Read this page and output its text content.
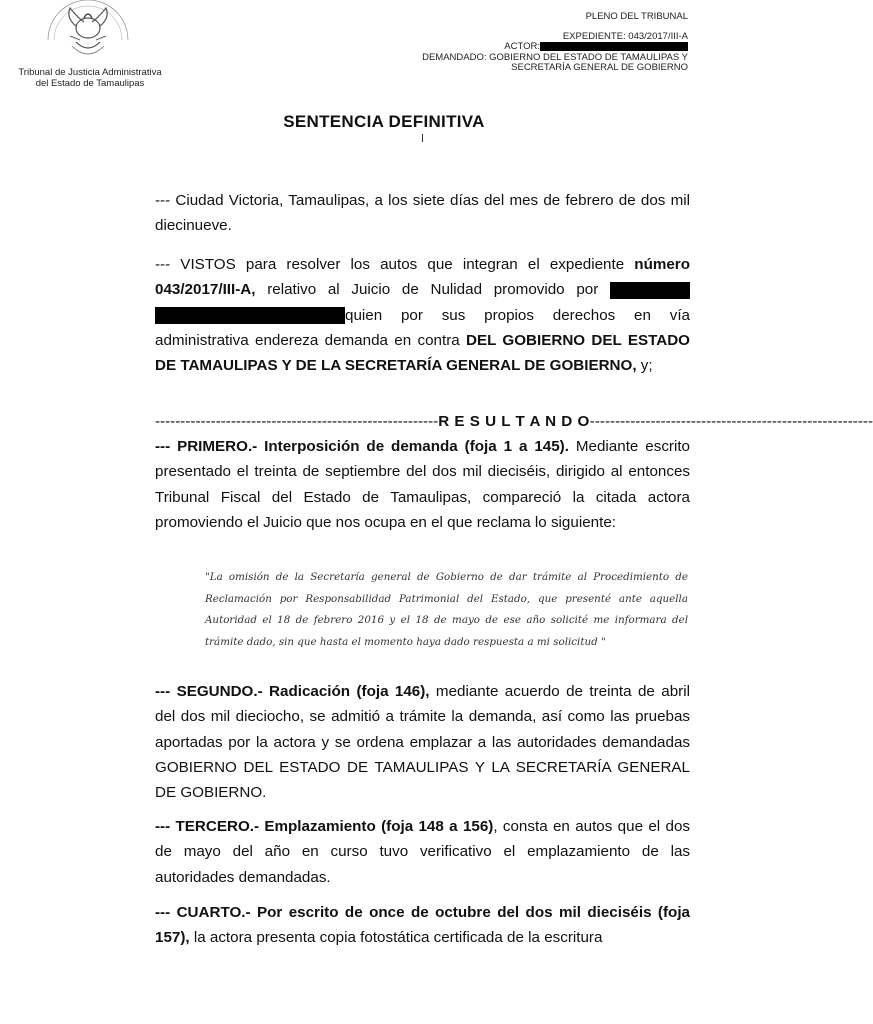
Tribunal de Justicia Administrativa
del Estado de Tamaulipas
PLENO DEL TRIBUNAL
EXPEDIENTE: 043/2017/III-A
ACTOR:
DEMANDADO: GOBIERNO DEL ESTADO DE TAMAULIPAS Y
SECRETARÍA GENERAL DE GOBIERNO
SENTENCIA DEFINITIVA

--- Ciudad Victoria, Tamaulipas, a los siete días del mes de febrero de dos mil diecinueve.

--- VISTOS para resolver los autos que integran el expediente número 043/2017/III-A, relativo al Juicio de Nulidad promovido por  quien por sus propios derechos en vía administrativa endereza demanda en contra DEL GOBIERNO DEL ESTADO DE TAMAULIPAS Y DE LA SECRETARÍA GENERAL DE GOBIERNO, y;

-------------------------------------------------------- R E S U L T A N D O --------------------------------------------------------

--- PRIMERO.- Interposición de demanda (foja 1 a 145). Mediante escrito presentado el treinta de septiembre del dos mil dieciséis, dirigido al entonces Tribunal Fiscal del Estado de Tamaulipas, compareció la citada actora promoviendo el Juicio que nos ocupa en el que reclama lo siguiente:

"La omisión de la Secretaría general de Gobierno de dar trámite al Procedimiento de Reclamación por Responsabilidad Patrimonial del Estado, que presenté ante aquella Autoridad el 18 de febrero 2016 y el 18 de mayo de ese año solicité me informara del trámite dado, sin que hasta el momento haya dado respuesta a mi solicitud "

--- SEGUNDO.- Radicación (foja 146), mediante acuerdo de treinta de abril del dos mil dieciocho, se admitió a trámite la demanda, así como las pruebas aportadas por la actora y se ordena emplazar a las autoridades demandadas GOBIERNO DEL ESTADO DE TAMAULIPAS Y LA SECRETARÍA GENERAL DE GOBIERNO.

--- TERCERO.- Emplazamiento (foja 148 a 156), consta en autos que el dos de mayo del año en curso tuvo verificativo el emplazamiento de las autoridades demandadas.

--- CUARTO.- Por escrito de once de octubre del dos mil dieciséis (foja 157), la actora presenta copia fotostática certificada de la escritura
